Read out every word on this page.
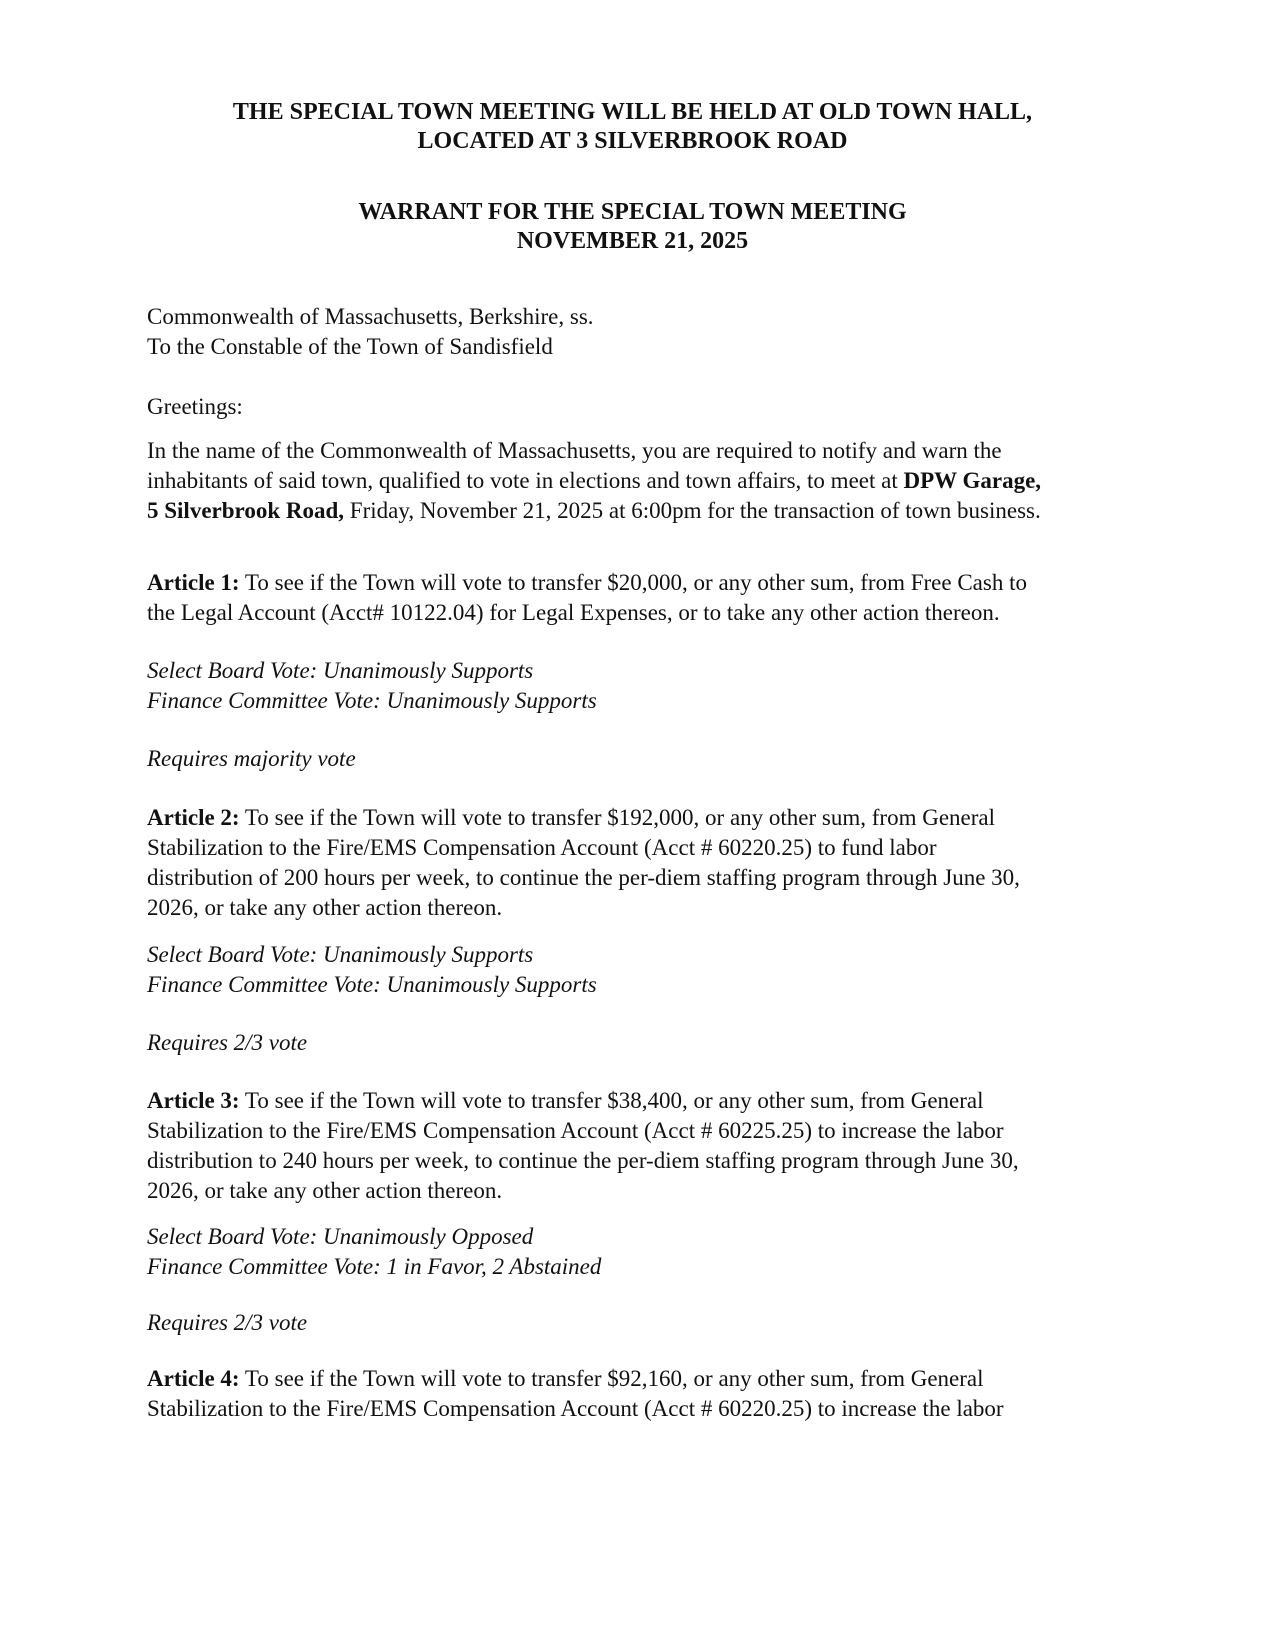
THE SPECIAL TOWN MEETING WILL BE HELD AT OLD TOWN HALL,
LOCATED AT 3 SILVERBROOK ROAD
WARRANT FOR THE SPECIAL TOWN MEETING
NOVEMBER 21, 2025
Commonwealth of Massachusetts, Berkshire, ss.
To the Constable of the Town of Sandisfield
Greetings:
In the name of the Commonwealth of Massachusetts, you are required to notify and warn the
inhabitants of said town, qualified to vote in elections and town affairs, to meet at DPW Garage,
5 Silverbrook Road, Friday, November 21, 2025 at 6:00pm for the transaction of town business.
Article 1: To see if the Town will vote to transfer $20,000, or any other sum, from Free Cash to
the Legal Account (Acct# 10122.04) for Legal Expenses, or to take any other action thereon.
Select Board Vote: Unanimously Supports
Finance Committee Vote: Unanimously Supports
Requires majority vote
Article 2: To see if the Town will vote to transfer $192,000, or any other sum, from General
Stabilization to the Fire/EMS Compensation Account (Acct # 60220.25) to fund labor
distribution of 200 hours per week, to continue the per-diem staffing program through June 30,
2026, or take any other action thereon.
Select Board Vote: Unanimously Supports
Finance Committee Vote: Unanimously Supports
Requires 2/3 vote
Article 3: To see if the Town will vote to transfer $38,400, or any other sum, from General
Stabilization to the Fire/EMS Compensation Account (Acct # 60225.25) to increase the labor
distribution to 240 hours per week, to continue the per-diem staffing program through June 30,
2026, or take any other action thereon.
Select Board Vote: Unanimously Opposed
Finance Committee Vote: 1 in Favor, 2 Abstained
Requires 2/3 vote
Article 4: To see if the Town will vote to transfer $92,160, or any other sum, from General
Stabilization to the Fire/EMS Compensation Account (Acct # 60220.25) to increase the labor
